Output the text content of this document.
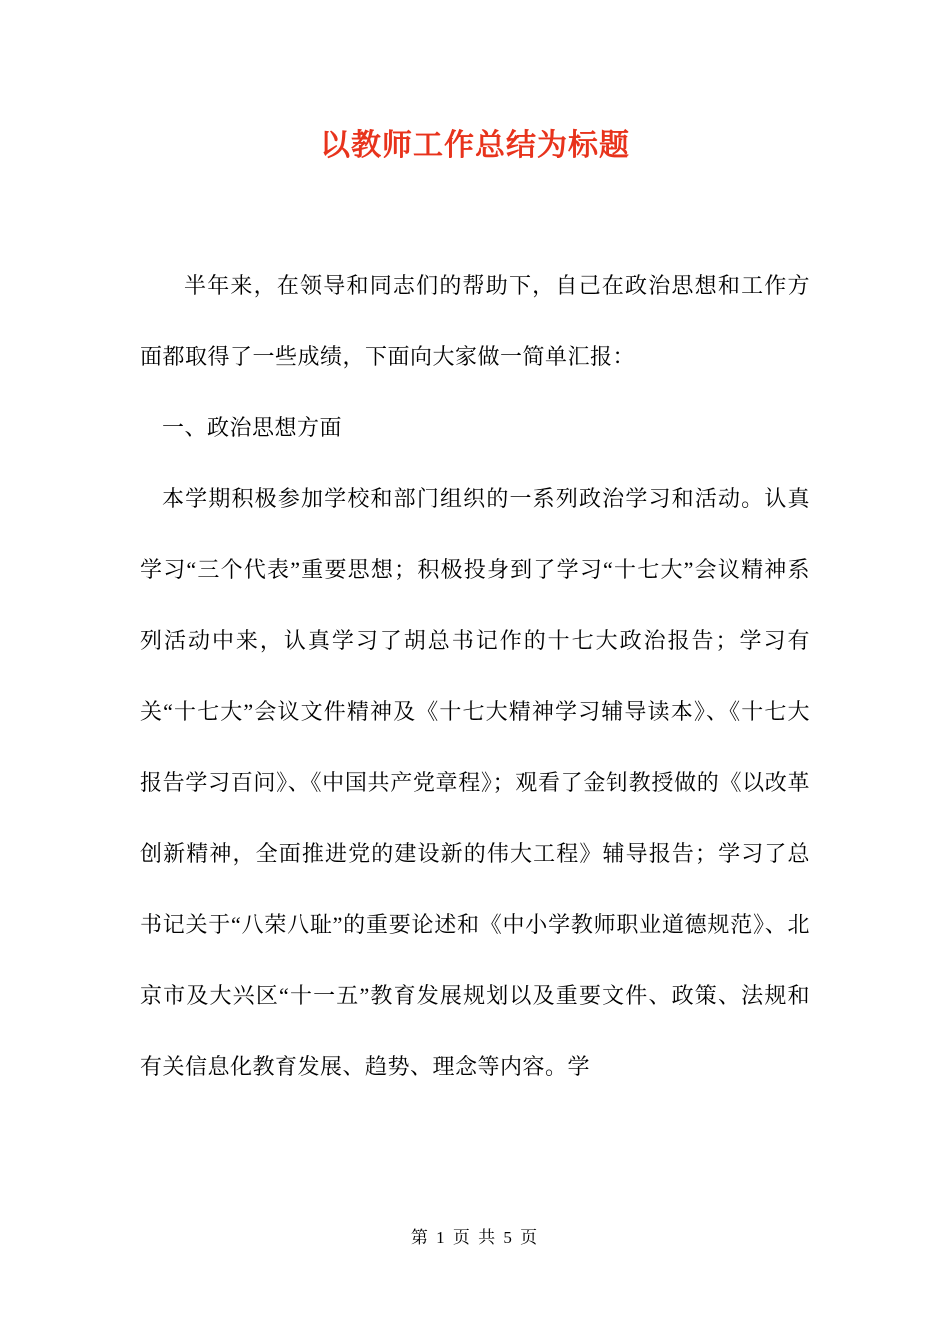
以教师工作总结为标题

半年来，在领导和同志们的帮助下，自己在政治思想和工作方面都取得了一些成绩，下面向大家做一简单汇报：

一、政治思想方面

本学期积极参加学校和部门组织的一系列政治学习和活动。认真学习“三个代表”重要思想；积极投身到了学习“十七大”会议精神系列活动中来，认真学习了胡总书记作的十七大政治报告；学习有关“十七大”会议文件精神及《十七大精神学习辅导读本》、《十七大报告学习百问》、《中国共产党章程》；观看了金钊教授做的《以改革创新精神，全面推进党的建设新的伟大工程》辅导报告；学习了总书记关于“八荣八耻”的重要论述和《中小学教师职业道德规范》、北京市及大兴区“十一五”教育发展规划以及重要文件、政策、法规和有关信息化教育发展、趋势、理念等内容。学

第 1 页 共 5 页
